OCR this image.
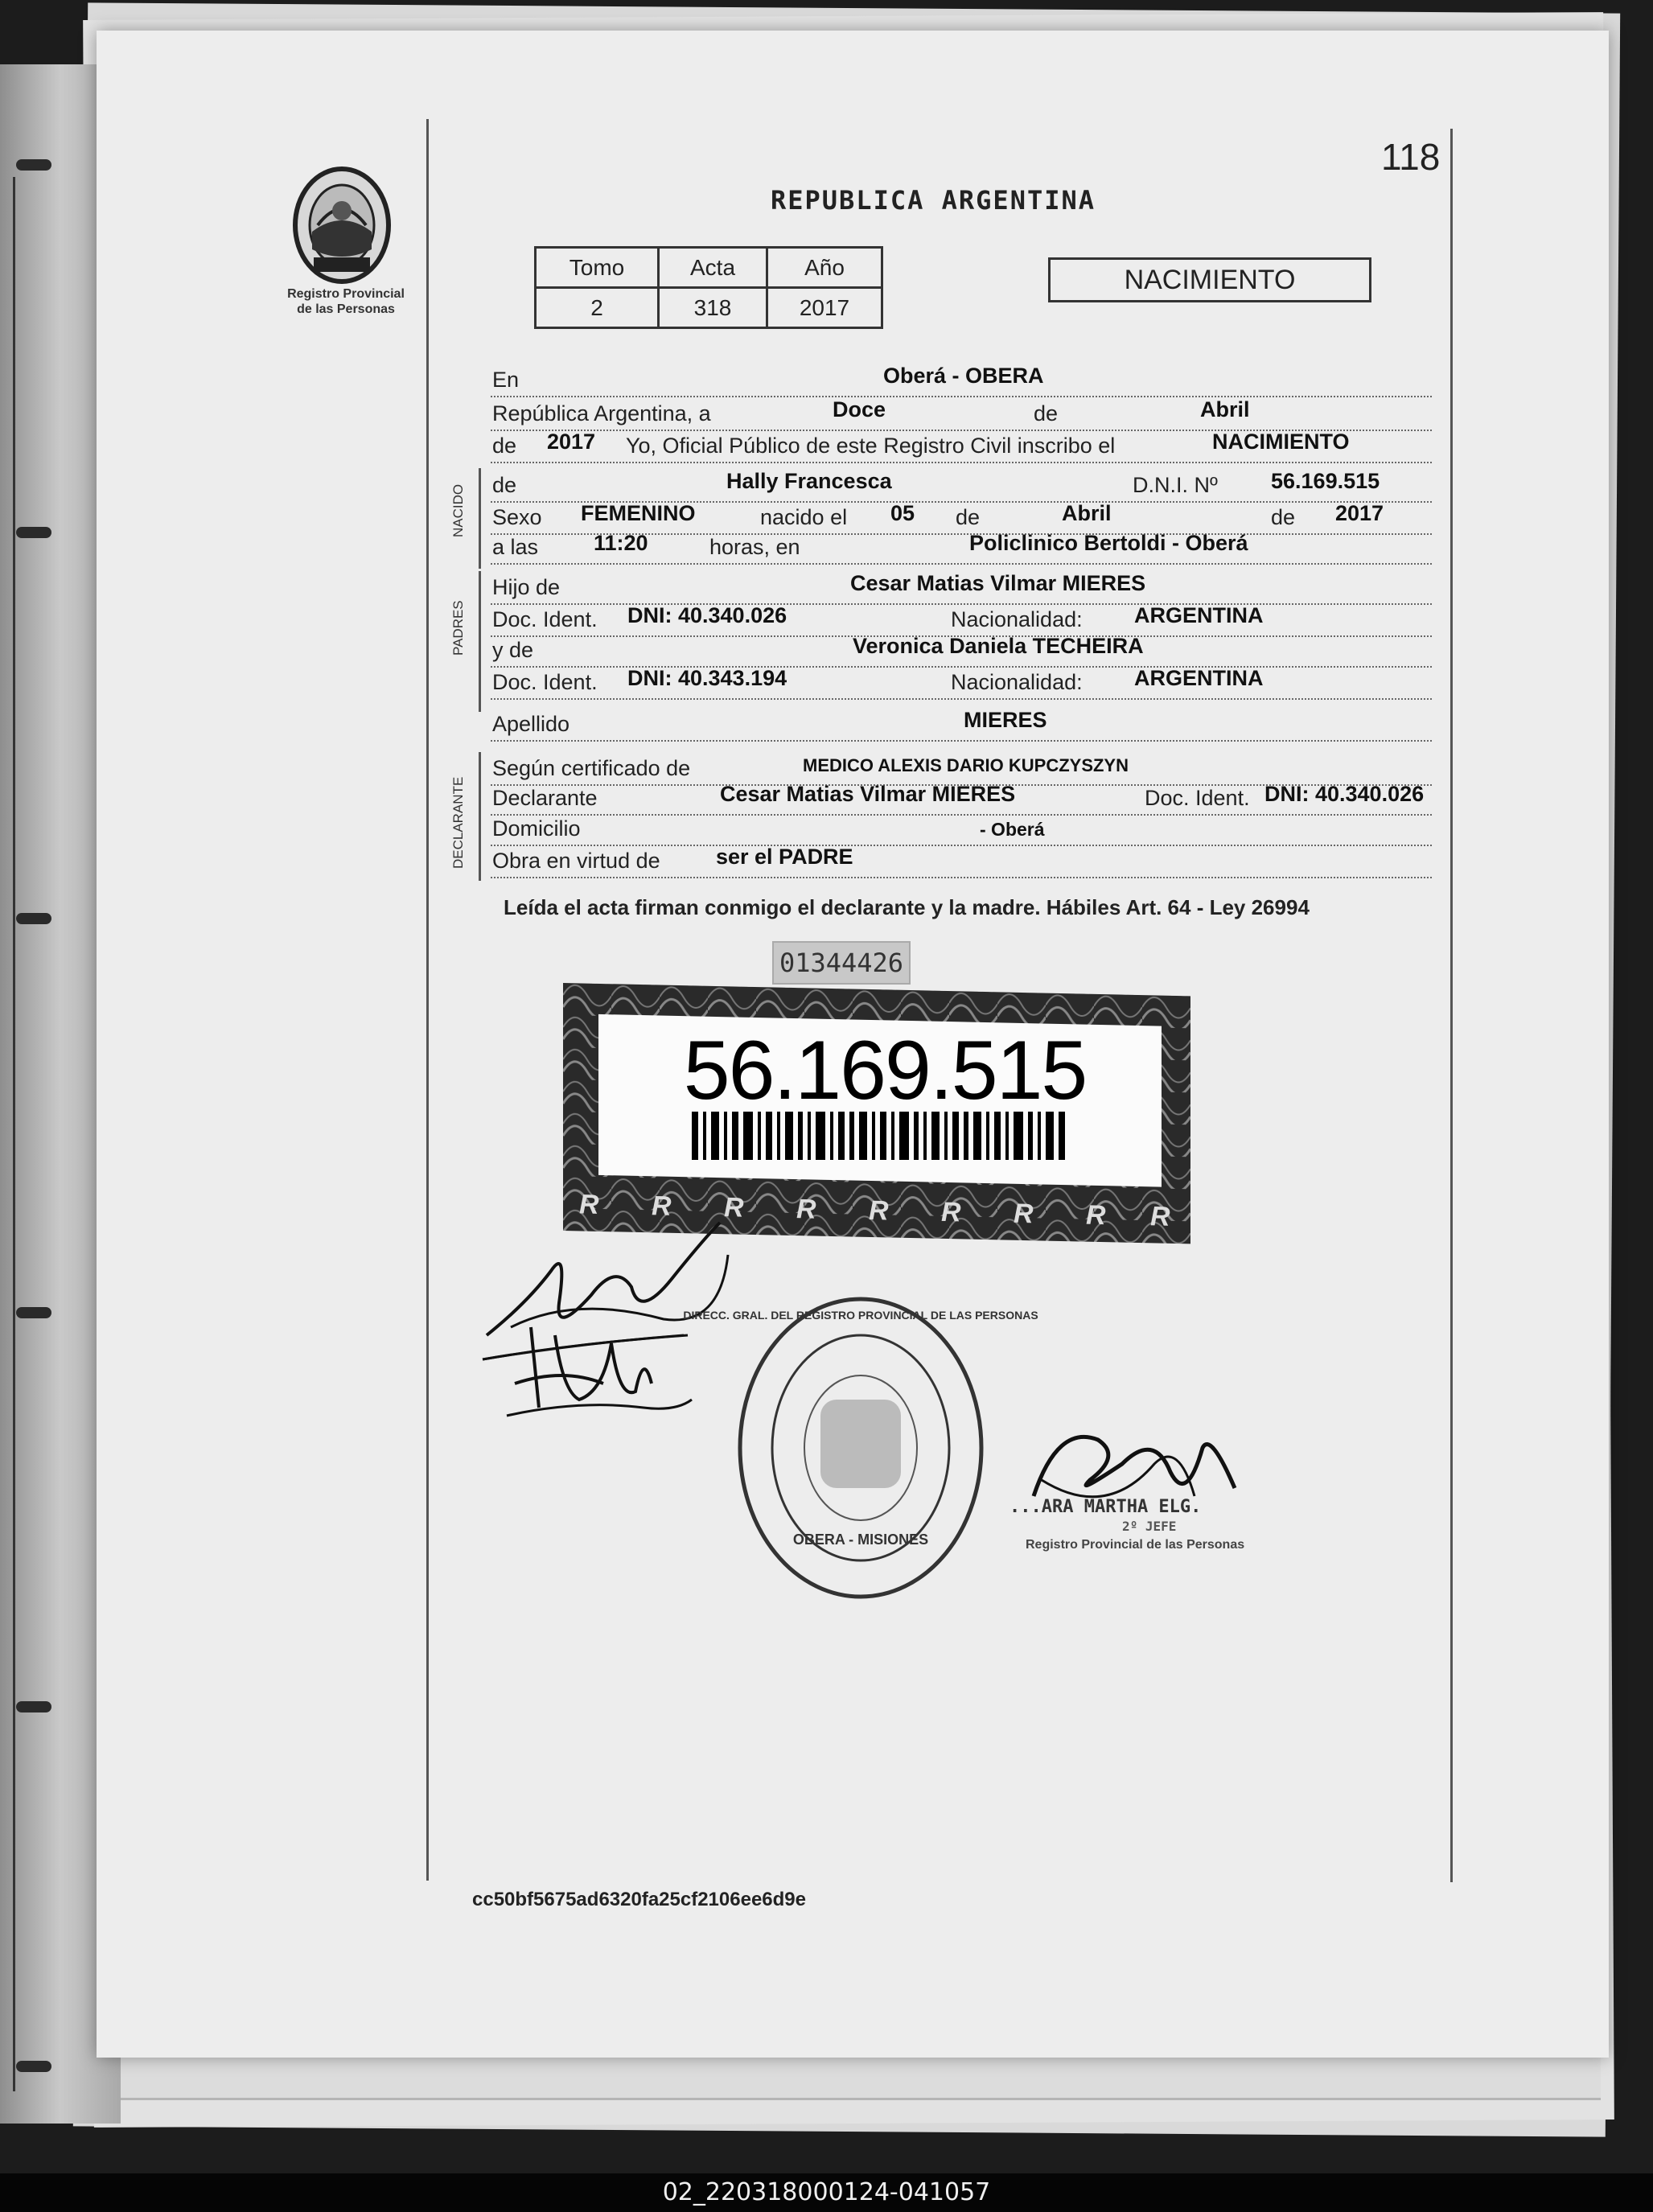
118
Registro Provincial
de las Personas
REPUBLICA ARGENTINA
Tomo	Acta	Año
2	318	2017
NACIMIENTO
En	Oberá - OBERA
República Argentina, a	Doce	de	Abril
de 2017 Yo, Oficial Público de este Registro Civil inscribo el	NACIMIENTO
NACIDO de	Hally Francesca	D.N.I. Nº 56.169.515
Sexo FEMENINO	nacido el 05 de	Abril	de 2017
a las	11:20	horas, en	Policlinico Bertoldi - Oberá
PADRES
Hijo de	Cesar Matias Vilmar MIERES
Doc. Ident. DNI: 40.340.026	Nacionalidad: ARGENTINA
y de	Veronica Daniela TECHEIRA
Doc. Ident. DNI: 40.343.194	Nacionalidad: ARGENTINA
Apellido	MIERES
DECLARANTE
Según certificado de	MEDICO ALEXIS DARIO KUPCZYSZYN
Declarante	Cesar Matias Vilmar MIERES	Doc. Ident. DNI: 40.340.026
Domicilio	- Oberá
Obra en virtud de	ser el PADRE
Leída el acta firman conmigo el declarante y la madre. Hábiles Art. 64 - Ley 26994
01344426
R R R R R R R R R
56.169.515
DIRECC. GRAL. DEL REGISTRO PROVINCIAL DE LAS PERSONAS
OBERA - MISIONES
...ARA MARTHA ELG.
2º JEFE
Registro Provincial de las Personas
cc50bf5675ad6320fa25cf2106ee6d9e
02_220318000124-041057
